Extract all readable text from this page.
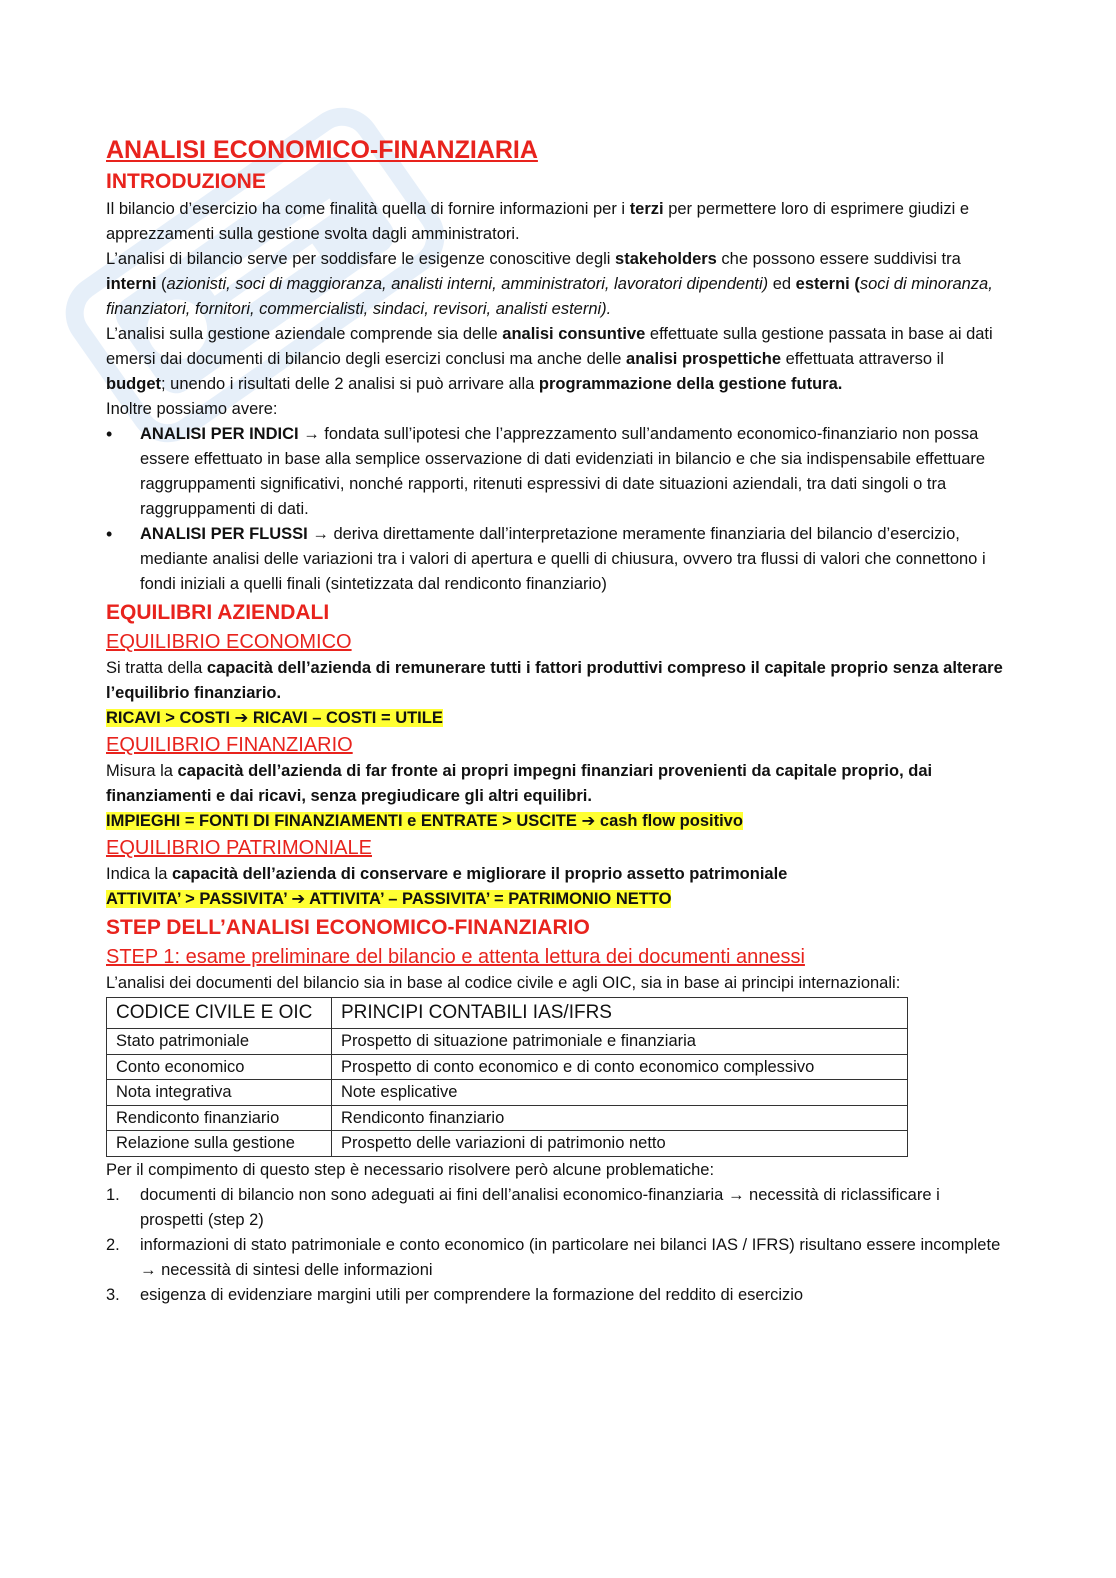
ANALISI ECONOMICO-FINANZIARIA

INTRODUZIONE

Il bilancio d’esercizio ha come finalità quella di fornire informazioni per i terzi per permettere loro di esprimere giudizi e apprezzamenti sulla gestione svolta dagli amministratori.

L’analisi di bilancio serve per soddisfare le esigenze conoscitive degli stakeholders che possono essere suddivisi tra interni (azionisti, soci di maggioranza, analisti interni, amministratori, lavoratori dipendenti) ed esterni (soci di minoranza, finanziatori, fornitori, commercialisti, sindaci, revisori, analisti esterni).

L’analisi sulla gestione aziendale comprende sia delle analisi consuntive effettuate sulla gestione passata in base ai dati emersi dai documenti di bilancio degli esercizi conclusi ma anche delle analisi prospettiche effettuata attraverso il budget; unendo i risultati delle 2 analisi si può arrivare alla programmazione della gestione futura.

Inoltre possiamo avere:

• ANALISI PER INDICI → fondata sull’ipotesi che l’apprezzamento sull’andamento economico-finanziario non possa essere effettuato in base alla semplice osservazione di dati evidenziati in bilancio e che sia indispensabile effettuare raggruppamenti significativi, nonché rapporti, ritenuti espressivi di date situazioni aziendali, tra dati singoli o tra raggruppamenti di dati.
• ANALISI PER FLUSSI → deriva direttamente dall’interpretazione meramente finanziaria del bilancio d’esercizio, mediante analisi delle variazioni tra i valori di apertura e quelli di chiusura, ovvero tra flussi di valori che connettono i fondi iniziali a quelli finali (sintetizzata dal rendiconto finanziario)

EQUILIBRI AZIENDALI

EQUILIBRIO ECONOMICO

Si tratta della capacità dell’azienda di remunerare tutti i fattori produttivi compreso il capitale proprio senza alterare l’equilibrio finanziario.

RICAVI > COSTI ➔ RICAVI – COSTI = UTILE

EQUILIBRIO FINANZIARIO

Misura la capacità dell’azienda di far fronte ai propri impegni finanziari provenienti da capitale proprio, dai finanziamenti e dai ricavi, senza pregiudicare gli altri equilibri.

IMPIEGHI = FONTI DI FINANZIAMENTI e ENTRATE > USCITE ➔ cash flow positivo

EQUILIBRIO PATRIMONIALE

Indica la capacità dell’azienda di conservare e migliorare il proprio assetto patrimoniale

ATTIVITA’ > PASSIVITA’ ➔ ATTIVITA’ – PASSIVITA’ = PATRIMONIO NETTO

STEP DELL’ANALISI ECONOMICO-FINANZIARIO

STEP 1: esame preliminare del bilancio e attenta lettura dei documenti annessi

L’analisi dei documenti del bilancio sia in base al codice civile e agli OIC, sia in base ai principi internazionali:

CODICE CIVILE E OIC	PRINCIPI CONTABILI IAS/IFRS
Stato patrimoniale	Prospetto di situazione patrimoniale e finanziaria
Conto economico	Prospetto di conto economico e di conto economico complessivo
Nota integrativa	Note esplicative
Rendiconto finanziario	Rendiconto finanziario
Relazione sulla gestione	Prospetto delle variazioni di patrimonio netto

Per il compimento di questo step è necessario risolvere però alcune problematiche:

1. documenti di bilancio non sono adeguati ai fini dell’analisi economico-finanziaria → necessità di riclassificare i prospetti (step 2)
2. informazioni di stato patrimoniale e conto economico (in particolare nei bilanci IAS / IFRS) risultano essere incomplete → necessità di sintesi delle informazioni
3. esigenza di evidenziare margini utili per comprendere la formazione del reddito di esercizio
